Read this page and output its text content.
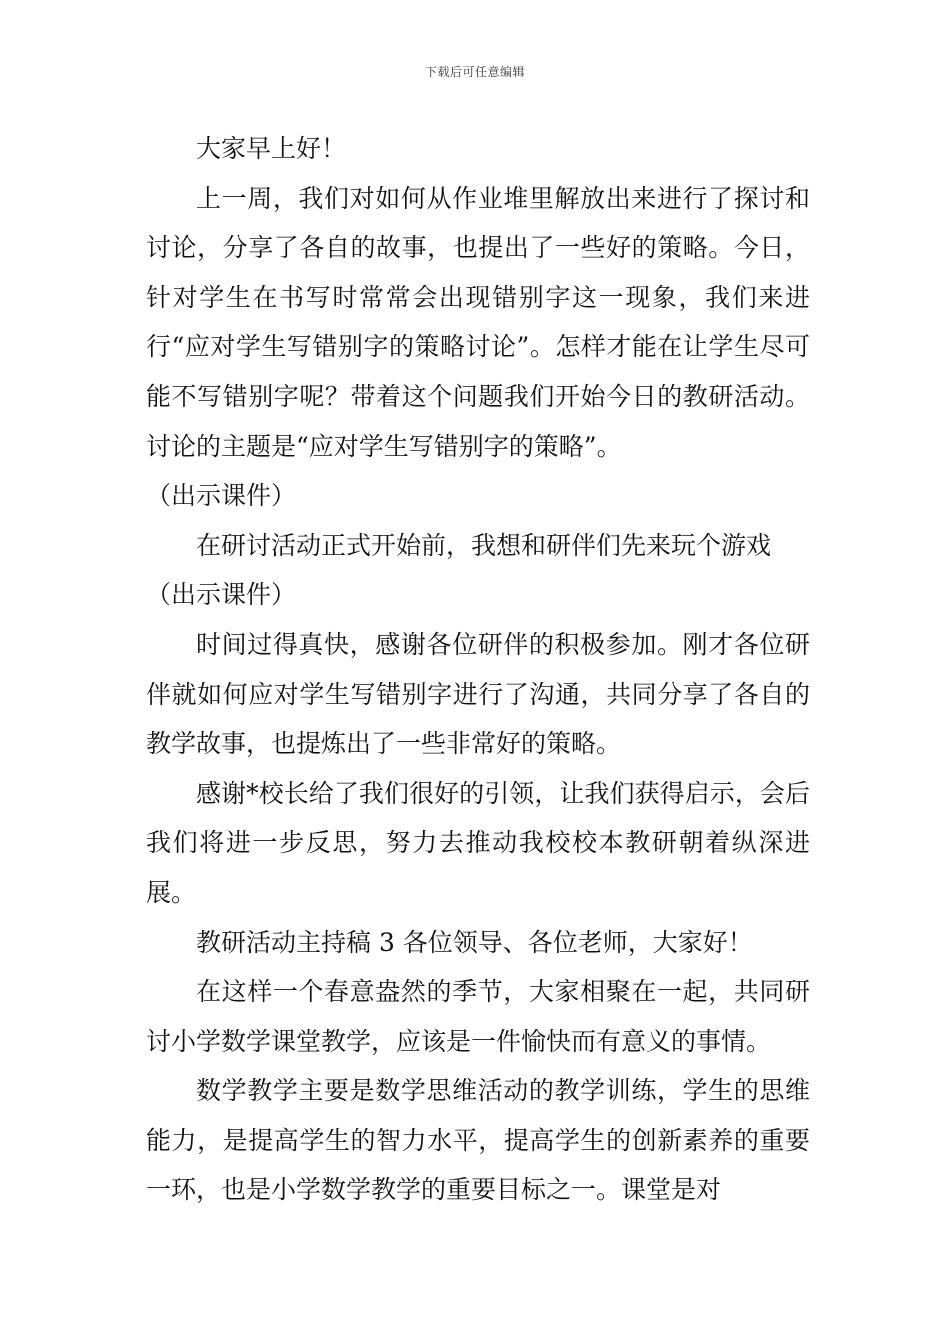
下载后可任意编辑

大家早上好！

上一周，我们对如何从作业堆里解放出来进行了探讨和讨论，分享了各自的故事，也提出了一些好的策略。今日，针对学生在书写时常常会出现错别字这一现象，我们来进行“应对学生写错别字的策略讨论”。怎样才能在让学生尽可能不写错别字呢？带着这个问题我们开始今日的教研活动。讨论的主题是“应对学生写错别字的策略”。

（出示课件）

在研讨活动正式开始前，我想和研伴们先来玩个游戏

（出示课件）

时间过得真快，感谢各位研伴的积极参加。刚才各位研伴就如何应对学生写错别字进行了沟通，共同分享了各自的教学故事，也提炼出了一些非常好的策略。

感谢*校长给了我们很好的引领，让我们获得启示，会后我们将进一步反思，努力去推动我校校本教研朝着纵深进展。

教研活动主持稿 3 各位领导、各位老师，大家好！

在这样一个春意盎然的季节，大家相聚在一起，共同研讨小学数学课堂教学，应该是一件愉快而有意义的事情。

数学教学主要是数学思维活动的教学训练，学生的思维能力，是提高学生的智力水平，提高学生的创新素养的重要一环，也是小学数学教学的重要目标之一。课堂是对
